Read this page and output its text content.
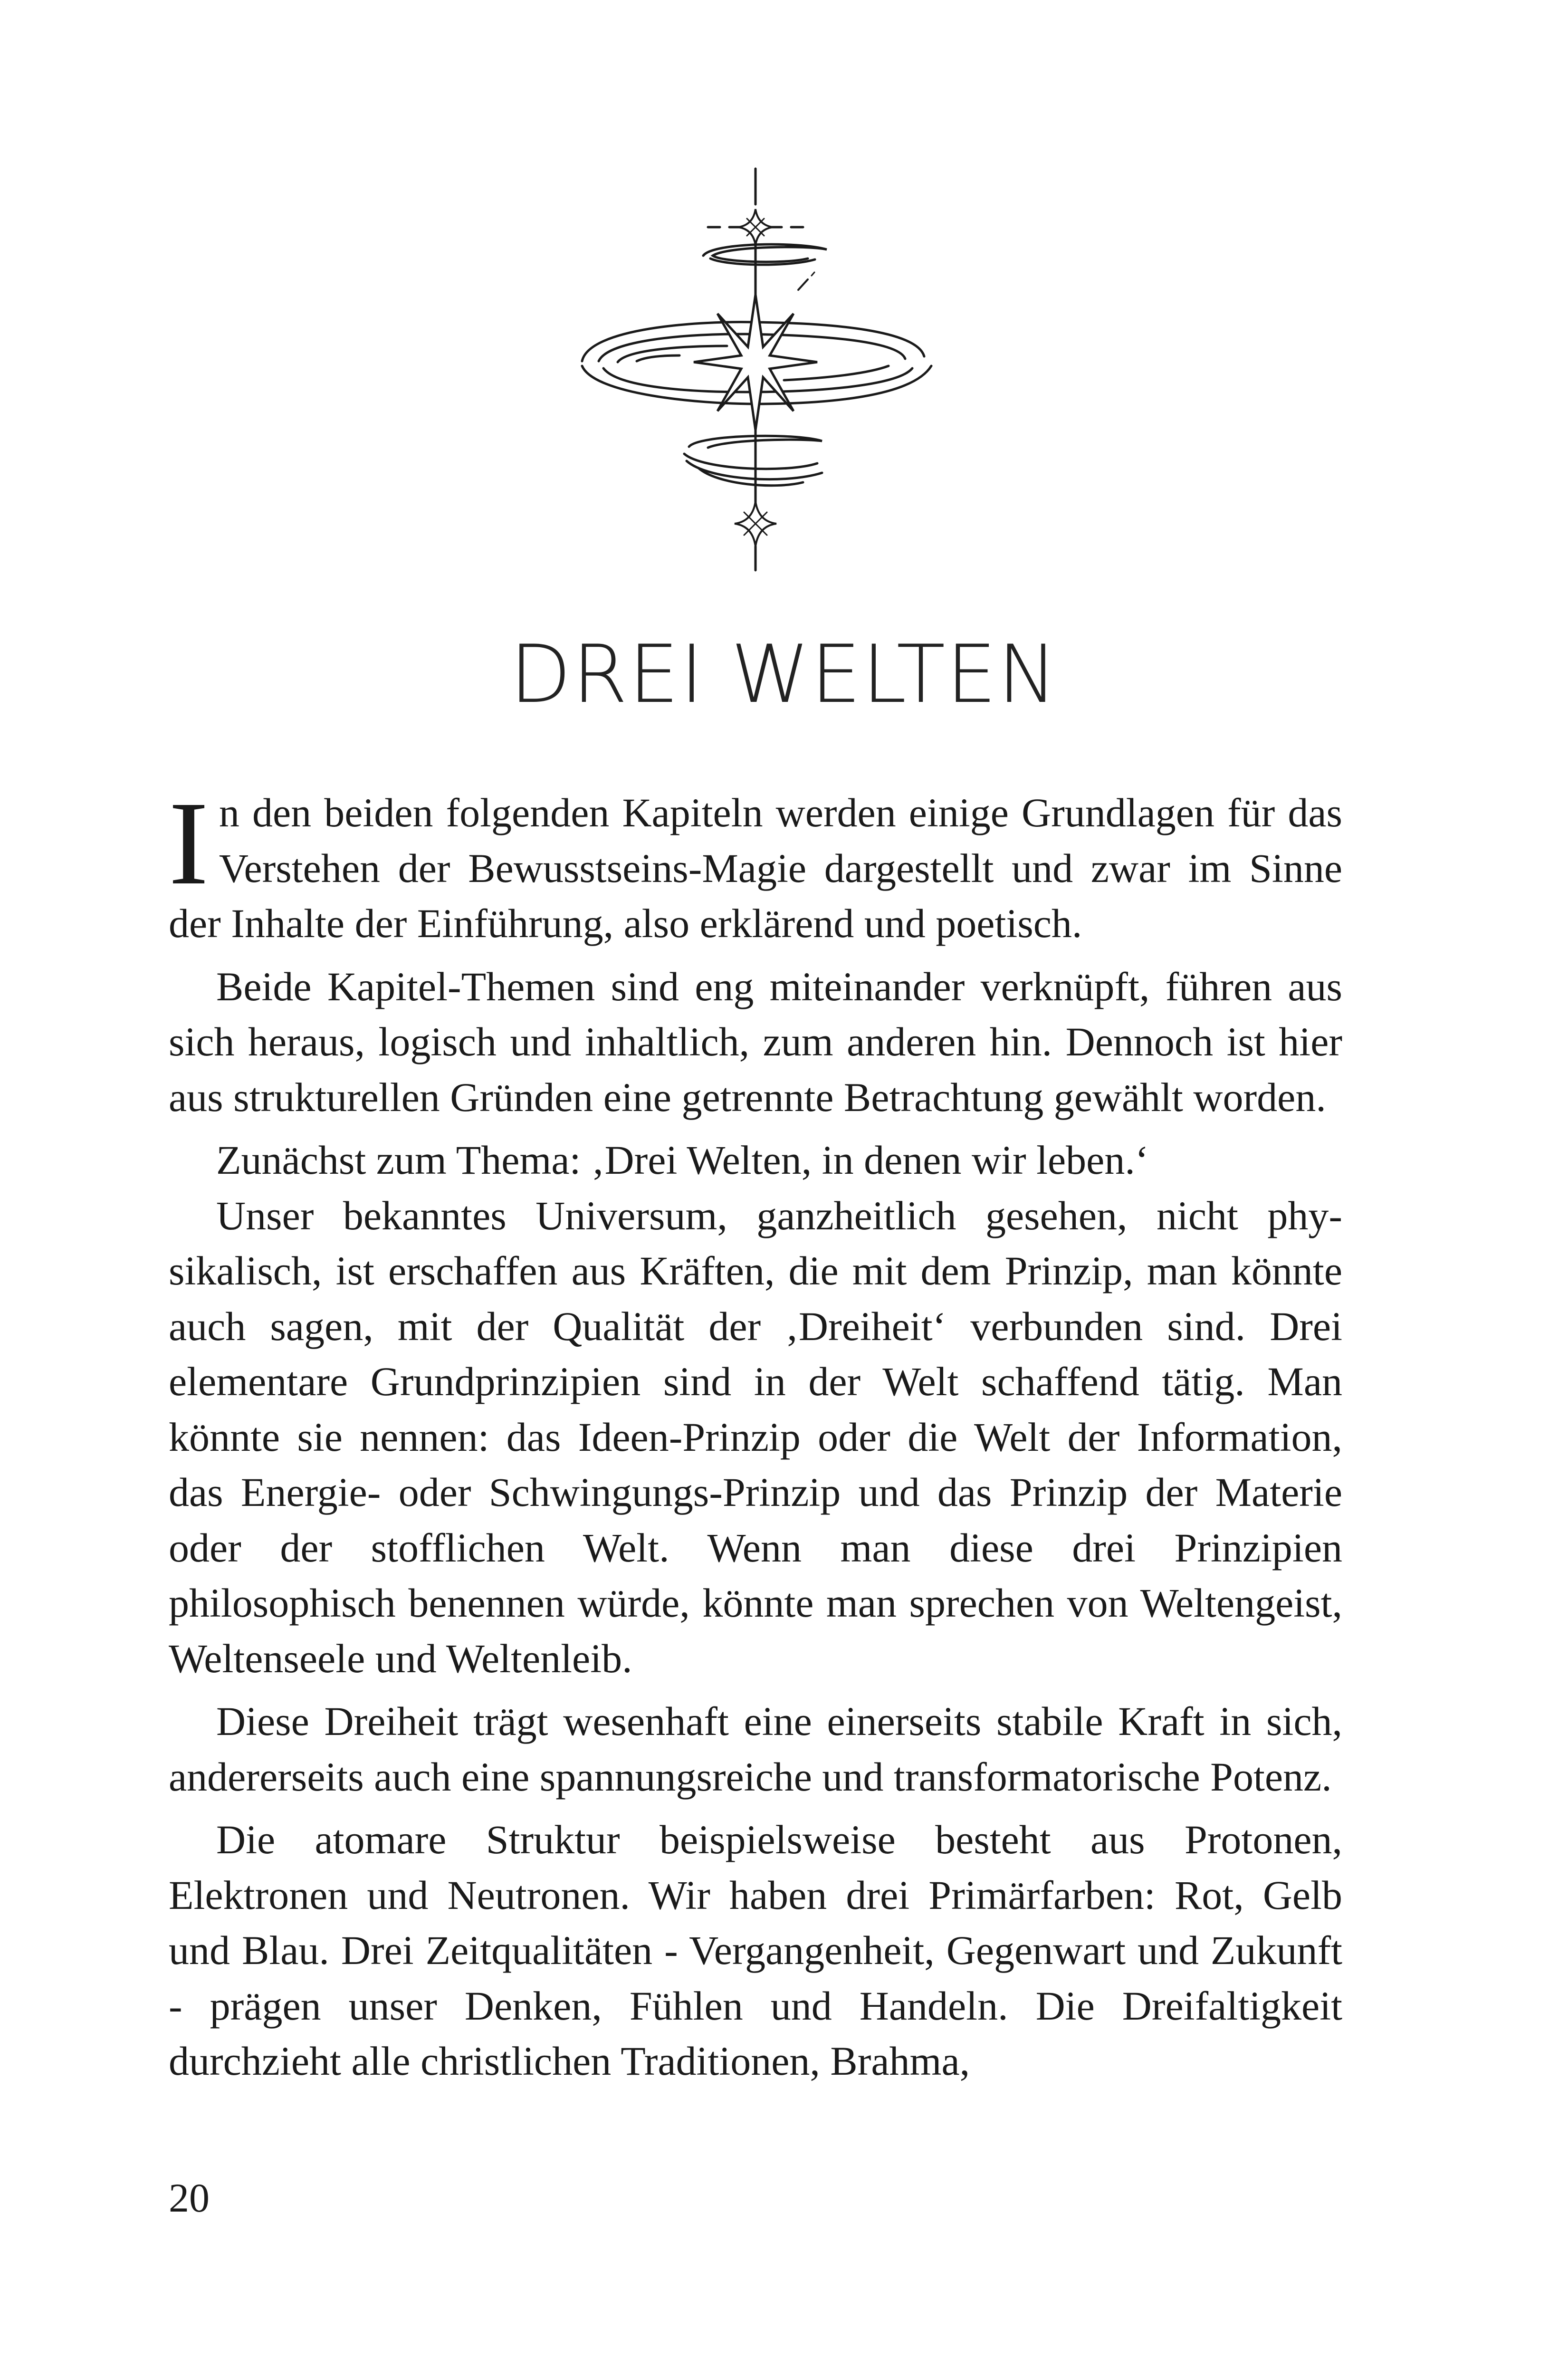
DREI WELTEN

In den beiden folgenden Kapiteln werden einige Grundlagen für das Verstehen der Bewusstseins-Magie dargestellt und zwar im Sinne der Inhalte der Einführung, also erklärend und poetisch.

Beide Kapitel-Themen sind eng miteinander verknüpft, führen aus sich heraus, logisch und inhaltlich, zum anderen hin. Dennoch ist hier aus strukturellen Gründen eine getrennte Betrachtung gewählt worden.

Zunächst zum Thema: ‚Drei Welten, in denen wir leben.‘

Unser bekanntes Universum, ganzheitlich gesehen, nicht physikalisch, ist erschaffen aus Kräften, die mit dem Prinzip, man könnte auch sagen, mit der Qualität der ‚Dreiheit‘ verbunden sind. Drei elementare Grundprinzipien sind in der Welt schaffend tätig. Man könnte sie nennen: das Ideen-Prinzip oder die Welt der Information, das Energie- oder Schwingungs-Prinzip und das Prinzip der Materie oder der stofflichen Welt. Wenn man diese drei Prinzipien philosophisch benennen würde, könnte man sprechen von Weltengeist, Weltenseele und Weltenleib.

Diese Dreiheit trägt wesenhaft eine einerseits stabile Kraft in sich, andererseits auch eine spannungsreiche und transformatorische Potenz.

Die atomare Struktur beispielsweise besteht aus Protonen, Elektronen und Neutronen. Wir haben drei Primärfarben: Rot, Gelb und Blau. Drei Zeitqualitäten - Vergangenheit, Gegenwart und Zukunft - prägen unser Denken, Fühlen und Handeln. Die Dreifaltigkeit durchzieht alle christlichen Traditionen, Brahma,

20
